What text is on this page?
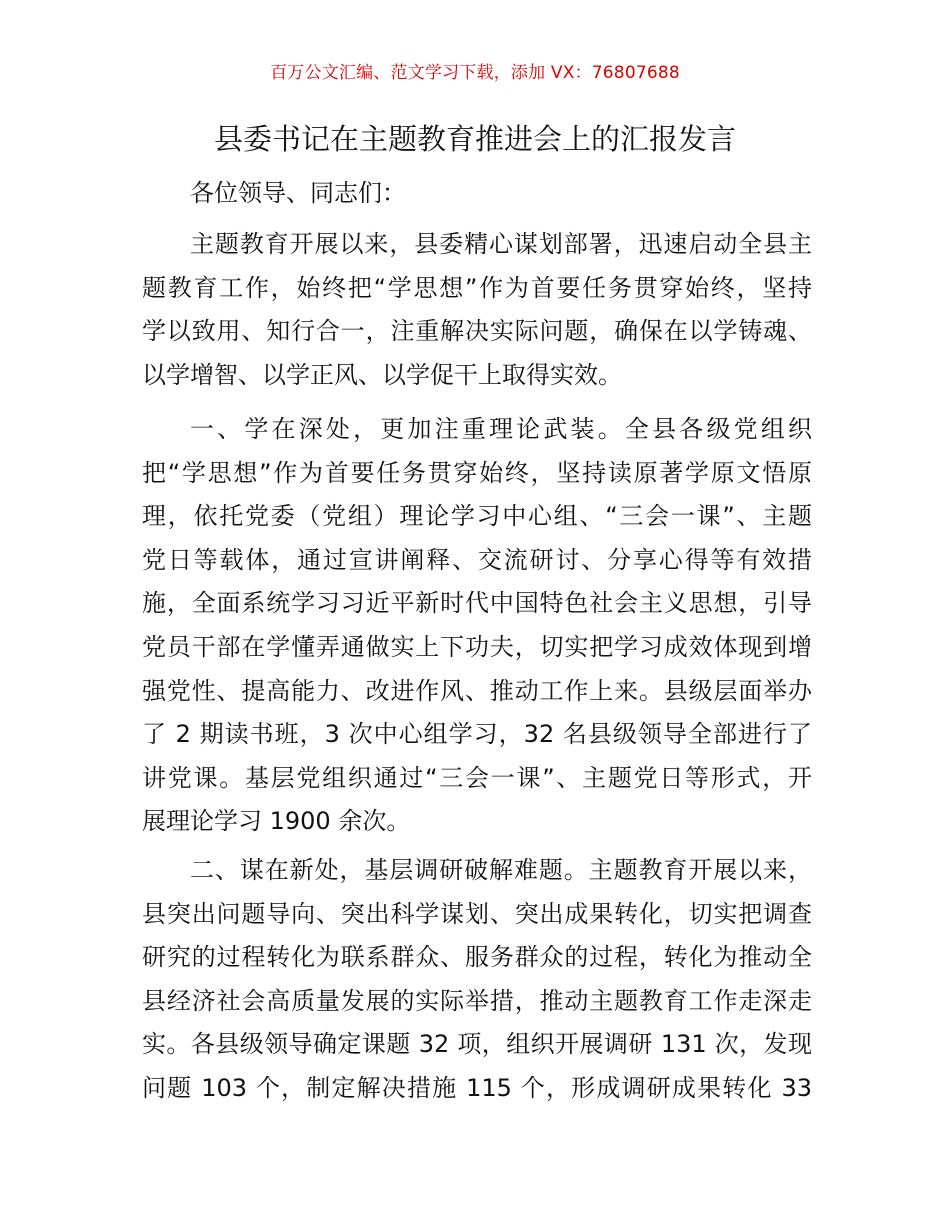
百万公文汇编、范文学习下载，添加 VX：76807688
县委书记在主题教育推进会上的汇报发言
各位领导、同志们：
主题教育开展以来，县委精心谋划部署，迅速启动全县主
题教育工作，始终把“学思想”作为首要任务贯穿始终，坚持
学以致用、知行合一，注重解决实际问题，确保在以学铸魂、
以学增智、以学正风、以学促干上取得实效。
一、学在深处，更加注重理论武装。全县各级党组织
把“学思想”作为首要任务贯穿始终，坚持读原著学原文悟原
理，依托党委（党组）理论学习中心组、“三会一课”、主题
党日等载体，通过宣讲阐释、交流研讨、分享心得等有效措
施，全面系统学习习近平新时代中国特色社会主义思想，引导
党员干部在学懂弄通做实上下功夫，切实把学习成效体现到增
强党性、提高能力、改进作风、推动工作上来。县级层面举办
了 2 期读书班，3 次中心组学习，32 名县级领导全部进行了
讲党课。基层党组织通过“三会一课”、主题党日等形式，开
展理论学习 1900 余次。
二、谋在新处，基层调研破解难题。主题教育开展以来，
县突出问题导向、突出科学谋划、突出成果转化，切实把调查
研究的过程转化为联系群众、服务群众的过程，转化为推动全
县经济社会高质量发展的实际举措，推动主题教育工作走深走
实。各县级领导确定课题 32 项，组织开展调研 131 次，发现
问题 103 个，制定解决措施 115 个，形成调研成果转化 33
